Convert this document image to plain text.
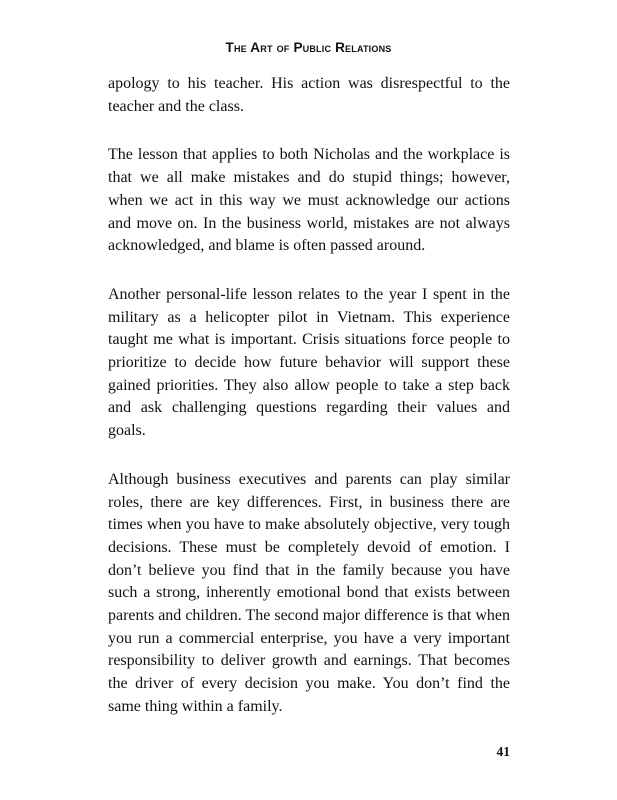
The Art of Public Relations

apology to his teacher. His action was disrespectful to the teacher and the class.

The lesson that applies to both Nicholas and the workplace is that we all make mistakes and do stupid things; however, when we act in this way we must acknowledge our actions and move on. In the business world, mistakes are not always acknowledged, and blame is often passed around.

Another personal-life lesson relates to the year I spent in the military as a helicopter pilot in Vietnam. This experience taught me what is important. Crisis situations force people to prioritize to decide how future behavior will support these gained priorities. They also allow people to take a step back and ask challenging questions regarding their values and goals.

Although business executives and parents can play similar roles, there are key differences. First, in business there are times when you have to make absolutely objective, very tough decisions. These must be completely devoid of emotion. I don’t believe you find that in the family because you have such a strong, inherently emotional bond that exists between parents and children. The second major difference is that when you run a commercial enterprise, you have a very important responsibility to deliver growth and earnings. That becomes the driver of every decision you make. You don’t find the same thing within a family.

41
